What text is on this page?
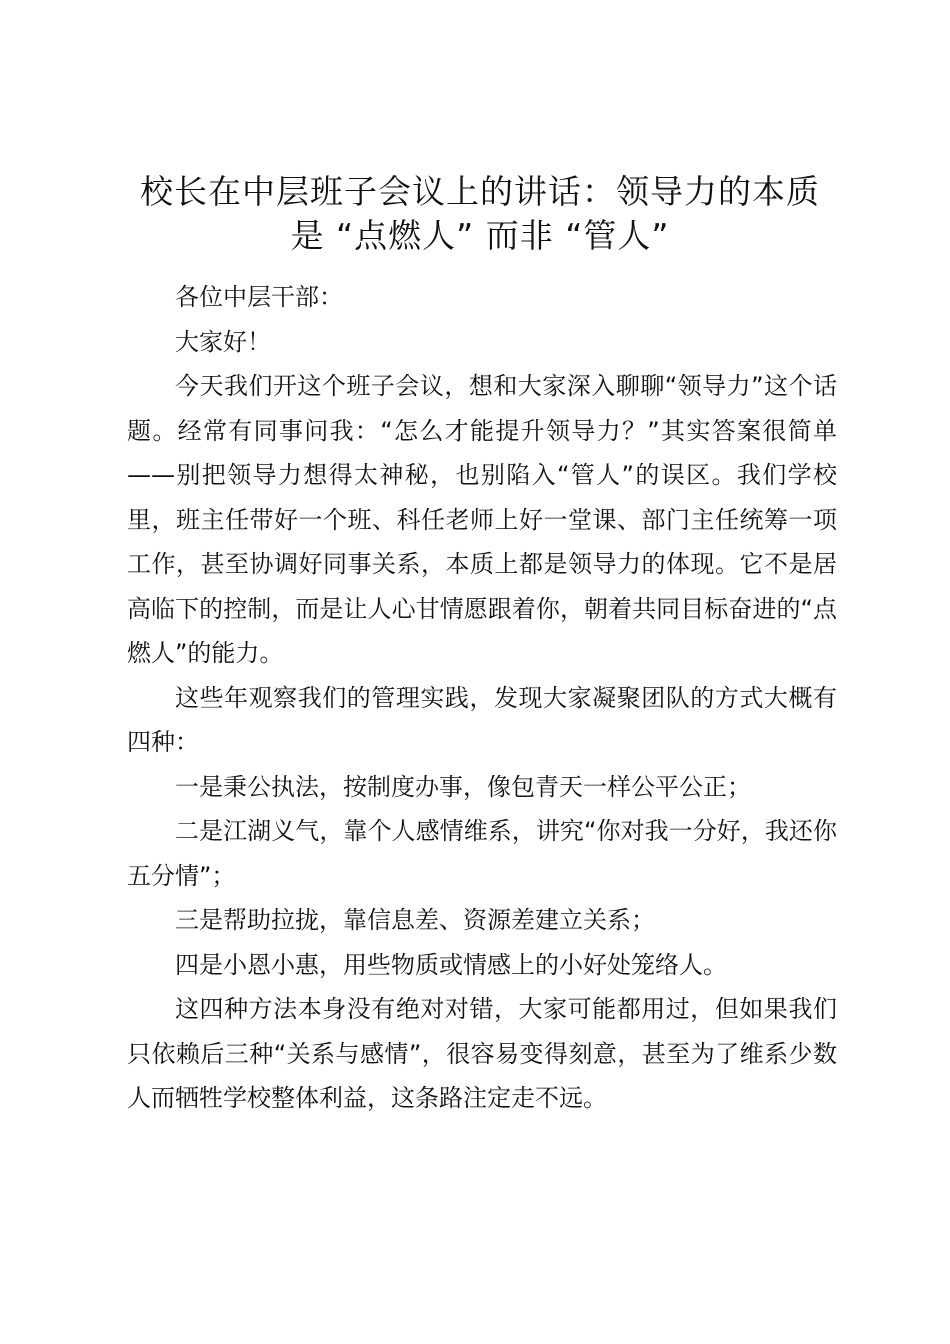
校长在中层班子会议上的讲话：领导力的本质
是 “点燃人” 而非 “管人”

各位中层干部：

大家好！

今天我们开这个班子会议，想和大家深入聊聊“领导力”这个话题。经常有同事问我：“怎么才能提升领导力？”其实答案很简单——别把领导力想得太神秘，也别陷入“管人”的误区。我们学校里，班主任带好一个班、科任老师上好一堂课、部门主任统筹一项工作，甚至协调好同事关系，本质上都是领导力的体现。它不是居高临下的控制，而是让人心甘情愿跟着你，朝着共同目标奋进的“点燃人”的能力。

这些年观察我们的管理实践，发现大家凝聚团队的方式大概有四种：

一是秉公执法，按制度办事，像包青天一样公平公正；

二是江湖义气，靠个人感情维系，讲究“你对我一分好，我还你五分情”；

三是帮助拉拢，靠信息差、资源差建立关系；

四是小恩小惠，用些物质或情感上的小好处笼络人。

这四种方法本身没有绝对对错，大家可能都用过，但如果我们只依赖后三种“关系与感情”，很容易变得刻意，甚至为了维系少数人而牺牲学校整体利益，这条路注定走不远。
